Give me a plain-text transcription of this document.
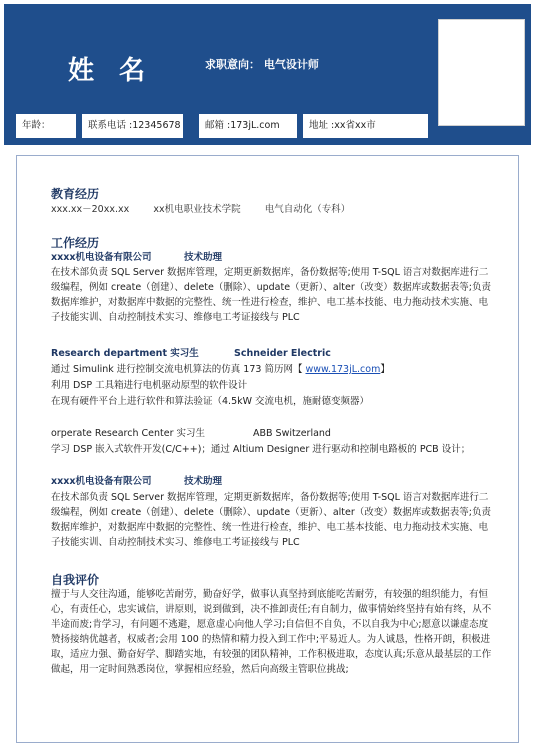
姓 名	求职意向： 电气设计师
年龄：	联系电话 :12345678	邮箱 :173jL.com	地址 :xx省xx市
教育经历
xxx.xx－20xx.xx        xx机电职业技术学院        电气自动化（专科）
工作经历
xxxx机电设备有限公司	技术助理
在技术部负责 SQL Server 数据库管理，定期更新数据库，备份数据等;使用 T-SQL 语言对数据库进行二级编程，例如 create（创建）、delete（删除）、update（更新）、alter（改变）数据库或数据表等;负责数据库维护，对数据库中数据的完整性、统一性进行检查，维护、电工基本技能、电力拖动技术实施、电子技能实训、自动控制技术实习、维修电工考证接线与 PLC
Research department 实习生	Schneider Electric
通过 Simulink 进行控制交流电机算法的仿真 173 简历网【 www.173jL.com】
利用 DSP 工具箱进行电机驱动原型的软件设计
在现有硬件平台上进行软件和算法验证（4.5kW 交流电机，施耐德变频器）
orperate Research Center 实习生	ABB Switzerland
学习 DSP 嵌入式软件开发(C/C++)；通过 Altium Designer 进行驱动和控制电路板的 PCB 设计；
xxxx机电设备有限公司	技术助理
在技术部负责 SQL Server 数据库管理，定期更新数据库，备份数据等;使用 T-SQL 语言对数据库进行二级编程，例如 create（创建）、delete（删除）、update（更新）、alter（改变）数据库或数据表等;负责数据库维护，对数据库中数据的完整性、统一性进行检查，维护、电工基本技能、电力拖动技术实施、电子技能实训、自动控制技术实习、维修电工考证接线与 PLC
自我评价
擅于与人交往沟通，能够吃苦耐劳，勤奋好学，做事认真坚持到底能吃苦耐劳，有较强的组织能力，有恒心，有责任心，忠实诚信，讲原则，说到做到，决不推卸责任;有自制力，做事情始终坚持有始有终，从不半途而废;肯学习，有问题不逃避，愿意虚心向他人学习;自信但不自负，不以自我为中心;愿意以谦虚态度赞扬接纳优越者，权威者;会用 100 的热情和精力投入到工作中;平易近人。为人诚恳，性格开朗，积极进取，适应力强、勤奋好学、脚踏实地，有较强的团队精神，工作积极进取，态度认真;乐意从最基层的工作做起，用一定时间熟悉岗位，掌握相应经验，然后向高级主管职位挑战;
